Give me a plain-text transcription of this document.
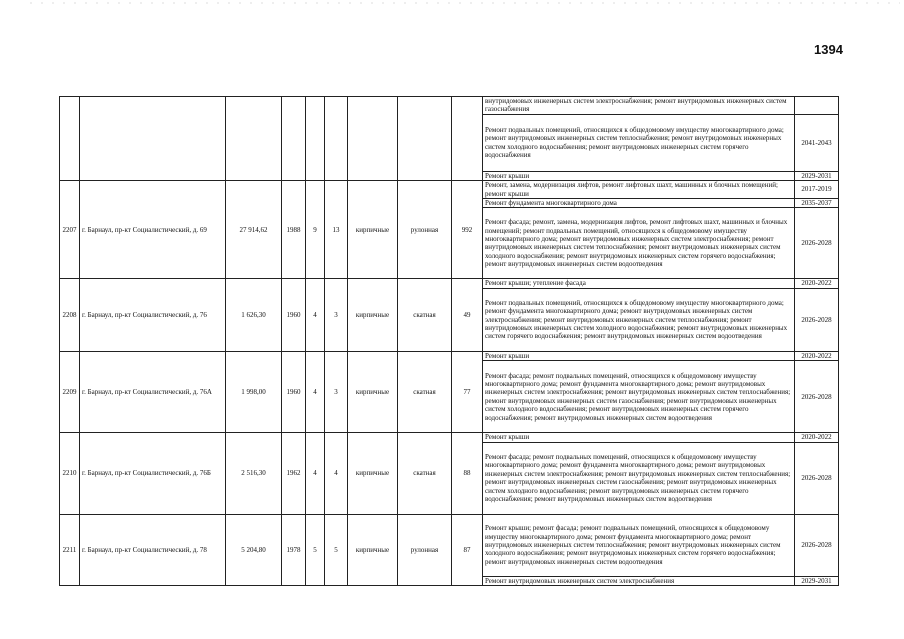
1394
									внутридомовых инженерных систем электроснабжения; ремонт внутридомовых инженерных систем газоснабжения	
									Ремонт подвальных помещений, относящихся к общедомовому имуществу многоквартирного дома; ремонт внутридомовых инженерных систем теплоснабжения; ремонт внутридомовых инженерных систем холодного водоснабжения; ремонт внутридомовых инженерных систем горячего водоснабжения	2041-2043
									Ремонт крыши	2029-2031
2207	г. Барнаул, пр-кт Социалистический, д. 69	27 914,62	1988	9	13	кирпичные	рулонная	992	Ремонт, замена, модернизация лифтов, ремонт лифтовых шахт, машинных и блочных помещений; ремонт крыши	2017-2019
									Ремонт фундамента многоквартирного дома	2035-2037
									Ремонт фасада; ремонт, замена, модернизация лифтов, ремонт лифтовых шахт, машинных и блочных помещений; ремонт подвальных помещений, относящихся к общедомовому имуществу многоквартирного дома; ремонт внутридомовых инженерных систем электроснабжения; ремонт внутридомовых инженерных систем теплоснабжения; ремонт внутридомовых инженерных систем холодного водоснабжения; ремонт внутридомовых инженерных систем горячего водоснабжения; ремонт внутридомовых инженерных систем водоотведения	2026-2028
2208	г. Барнаул, пр-кт Социалистический, д. 76	1 626,30	1960	4	3	кирпичные	скатная	49	Ремонт крыши; утепление фасада	2020-2022
									Ремонт подвальных помещений, относящихся к общедомовому имуществу многоквартирного дома; ремонт фундамента многоквартирного дома; ремонт внутридомовых инженерных систем электроснабжения; ремонт внутридомовых инженерных систем теплоснабжения; ремонт внутридомовых инженерных систем холодного водоснабжения; ремонт внутридомовых инженерных систем горячего водоснабжения; ремонт внутридомовых инженерных систем водоотведения	2026-2028
2209	г. Барнаул, пр-кт Социалистический, д. 76А	1 998,00	1960	4	3	кирпичные	скатная	77	Ремонт крыши	2020-2022
									Ремонт фасада; ремонт подвальных помещений, относящихся к общедомовому имуществу многоквартирного дома; ремонт фундамента многоквартирного дома; ремонт внутридомовых инженерных систем электроснабжения; ремонт внутридомовых инженерных систем теплоснабжения; ремонт внутридомовых инженерных систем газоснабжения; ремонт внутридомовых инженерных систем холодного водоснабжения; ремонт внутридомовых инженерных систем горячего водоснабжения; ремонт внутридомовых инженерных систем водоотведения	2026-2028
2210	г. Барнаул, пр-кт Социалистический, д. 76Б	2 516,30	1962	4	4	кирпичные	скатная	88	Ремонт крыши	2020-2022
									Ремонт фасада; ремонт подвальных помещений, относящихся к общедомовому имуществу многоквартирного дома; ремонт фундамента многоквартирного дома; ремонт внутридомовых инженерных систем электроснабжения; ремонт внутридомовых инженерных систем теплоснабжения; ремонт внутридомовых инженерных систем газоснабжения; ремонт внутридомовых инженерных систем холодного водоснабжения; ремонт внутридомовых инженерных систем горячего водоснабжения; ремонт внутридомовых инженерных систем водоотведения	2026-2028
2211	г. Барнаул, пр-кт Социалистический, д. 78	5 204,80	1978	5	5	кирпичные	рулонная	87	Ремонт крыши; ремонт фасада; ремонт подвальных помещений, относящихся к общедомовому имуществу многоквартирного дома; ремонт фундамента многоквартирного дома; ремонт внутридомовых инженерных систем теплоснабжения; ремонт внутридомовых инженерных систем холодного водоснабжения; ремонт внутридомовых инженерных систем горячего водоснабжения; ремонт внутридомовых инженерных систем водоотведения	2026-2028
									Ремонт внутридомовых инженерных систем электроснабжения	2029-2031
